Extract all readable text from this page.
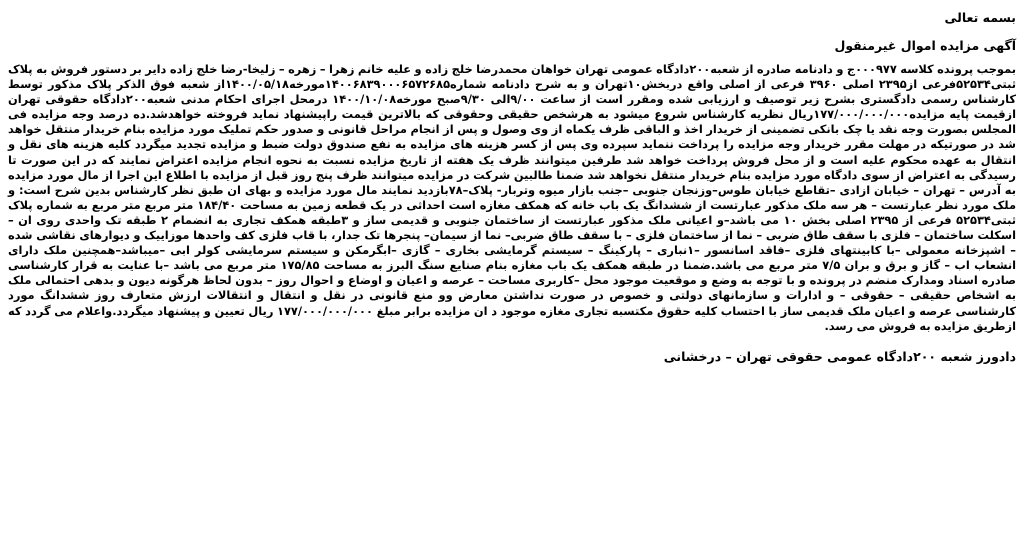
بسمه تعالی

آگهی مزایده اموال غیرمنقول

بموجب پرونده کلاسه ۰۰۰۹۷۷ج و دادنامه صادره از شعبه۲۰۰دادگاه عمومی تهران خواهان محمدرضا خلج زاده و علیه خانم زهرا – زهره – زلیخا-رضا خلج زاده دایر بر دستور فروش به پلاک ثبتی۵۲۵۳۴فرعی از۲۳۹۵ اصلی ۳۹۶۰ فرعی از اصلی واقع دربخش۱۰تهران و به شرح دادنامه شماره۱۴۰۰۶۸۳۹۰۰۰۶۵۷۲۶۸۵مورخه۱۴۰۰/۰۵/۱۸از شعبه فوق الذکر پلاک مذکور توسط کارشناس رسمی دادگستری بشرح زیر توصیف و ارزیابی شده ومقرر است از ساعت ۹/۰۰الی ۹/۳۰صبح مورخه۱۴۰۰/۱۰/۰۸ درمحل اجرای احکام مدنی شعبه۲۰۰دادگاه حقوقی تهران ازقیمت پایه مزایده۱۷۷/۰۰۰/۰۰۰/۰۰۰ریال نظریه کارشناس شروع میشود به هرشخص حقیقی وحقوقی که بالاترین قیمت راپیشنهاد نماید فروخته خواهدشد.ده درصد وجه مزایده فی المجلس بصورت وجه نقد یا چک بانکی تضمینی از خریدار اخذ و الباقی ظرف یکماه از وی وصول و پس از انجام مراحل قانونی و صدور حکم تملیک مورد مزایده بنام خریدار منتقل خواهد شد در صورتیکه در مهلت مقرر خریدار وجه مزایده را پرداخت ننماید سپرده وی پس از کسر هزینه های مزایده به نفع صندوق دولت ضبط و مزایده تجدید میگردد کلیه هزینه های نقل و انتقال به عهده محکوم علیه است و از محل فروش پرداخت خواهد شد طرفین میتوانند ظرف یک هفته از تاریخ مزایده نسبت به نحوه انجام مزایده اعتراض نمایند که در این صورت تا رسیدگی به اعتراض از سوی دادگاه مورد مزایده بنام خریدار منتقل نخواهد شد ضمنا طالبین شرکت در مزایده میتوانند ظرف پنج روز قبل از مزایده با اطلاع این اجرا از مال مورد مزایده به آدرس – تهران – خیابان ازادی –تقاطع خیابان طوس–وزنجان جنوبی –جنب بازار میوه وتربار- پلاک–۷۸بازدید نمایند مال مورد مزایده و بهای ان طبق نظر کارشناس بدین شرح است: و ملک مورد نظر عبارتست – هر سه ملک مذکور عبارتست از ششدانگ یک باب خانه که همکف مغازه است احداثی در یک قطعه زمین به مساحت ۱۸۴/۴۰ متر مربع متر مربع به شماره پلاک ثبتی۵۲۵۳۴ فرعی از ۲۳۹۵ اصلی بخش ۱۰ می باشد–و اعیانی ملک مذکور عبارتست از ساختمان جنوبی و قدیمی ساز و ۳طبقه همکف تجاری به انضمام ۲ طبقه تک واحدی روی ان –اسکلت ساختمان – فلزی با سقف طاق ضربی – نما از ساختمان فلزی – با سقف طاق ضربی– نما از سیمان– پنجرها تک جدار، با قاب فلزی کف واحدها موزاییک و دیوارهای نقاشی شده – اشپزخانه معمولی –با کابینتهای فلزی –فاقد اسانسور –۱نباری – پارکینگ – سیستم گرمایشی بخاری – گازی –ابگرمکن و سیستم سرمایشی کولر ابی –میباشد–همچنین ملک دارای انشعاب اب – گاز و برق و بران ۷/۵ متر مربع می باشد.ضمنا در طبقه همکف یک باب مغازه بنام صنایع سنگ البرز به مساحت ۱۷۵/۸۵ متر مربع می باشد –با عنایت به قرار کارشناسی صادره اسناد ومدارک منضم در پرونده و با توجه به وضع و موقعیت موجود محل –کاربری مساحت – عرصه و اعیان و اوضاع و احوال روز – بدون لحاظ هرگونه دیون و بدهی احتمالی ملک به اشخاص حقیقی – حقوقی – و ادارات و سازمانهای دولتی و خصوص در صورت نداشتن معارض وو منع قانونی در نقل و انتقال و انتقالات ارزش متعارف روز ششدانگ مورد کارشناسی عرصه و اعیان ملک قدیمی ساز با احتساب کلیه حقوق مکتسبه تجاری مغازه موجود د ان مزایده برابر مبلغ ۱۷۷/۰۰۰/۰۰۰/۰۰۰ ریال تعیین و پیشنهاد میگردد.واعلام می گردد که ازطریق مزایده به فروش می رسد.

دادورز شعبه ۲۰۰دادگاه عمومی حقوقی تهران – درخشانی
